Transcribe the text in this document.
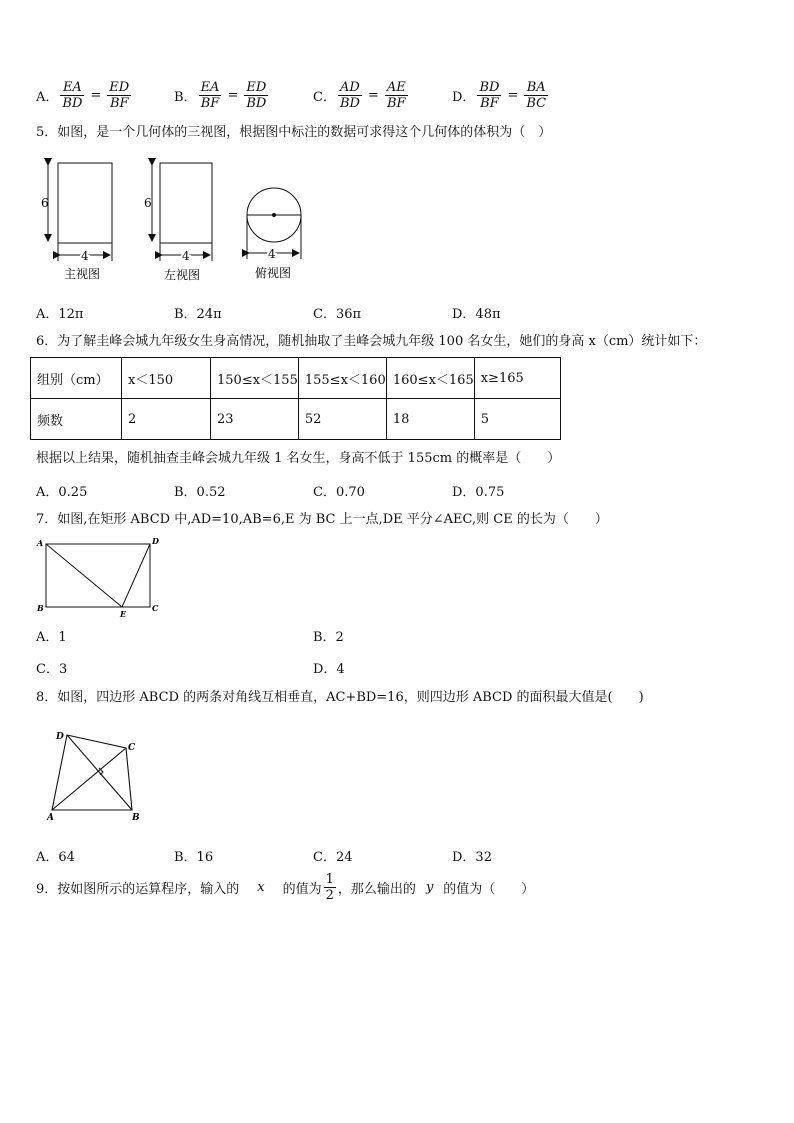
A． $\frac{EA}{BD} = \frac{ED}{BF}$	B． $\frac{EA}{BF} = \frac{ED}{BD}$	C． $\frac{AD}{BD} = \frac{AE}{BF}$	D． $\frac{BD}{BF} = \frac{BA}{BC}$
5．如图，是一个几何体的三视图，根据图中标注的数据可求得这个几何体的体积为（　）
6
4
主视图
6
4
左视图
4
俯视图
A．12π	B．24π	C．36π	D．48π
6．为了解圭峰会城九年级女生身高情况，随机抽取了圭峰会城九年级 100 名女生，她们的身高 x（cm）统计如下：
组别（cm）	x＜150	150≤x＜155	155≤x＜160	160≤x＜165	x≥165
频数	2	23	52	18	5
根据以上结果，随机抽查圭峰会城九年级 1 名女生，身高不低于 155cm 的概率是（　　）
A．0.25	B．0.52	C．0.70	D．0.75
7．如图,在矩形 ABCD 中,AD=10,AB=6,E 为 BC 上一点,DE 平分∠AEC,则 CE 的长为（　　）
A	D
B	C
E
A．1	B．2
C．3	D．4
8．如图，四边形 ABCD 的两条对角线互相垂直，AC+BD=16，则四边形 ABCD 的面积最大值是(　　)
D
C
A	B
A．64	B．16	C．24	D．32
9．按如图所示的运算程序，输入的 x 的值为 $\frac{1}{2}$ ，那么输出的 y 的值为（　　）
